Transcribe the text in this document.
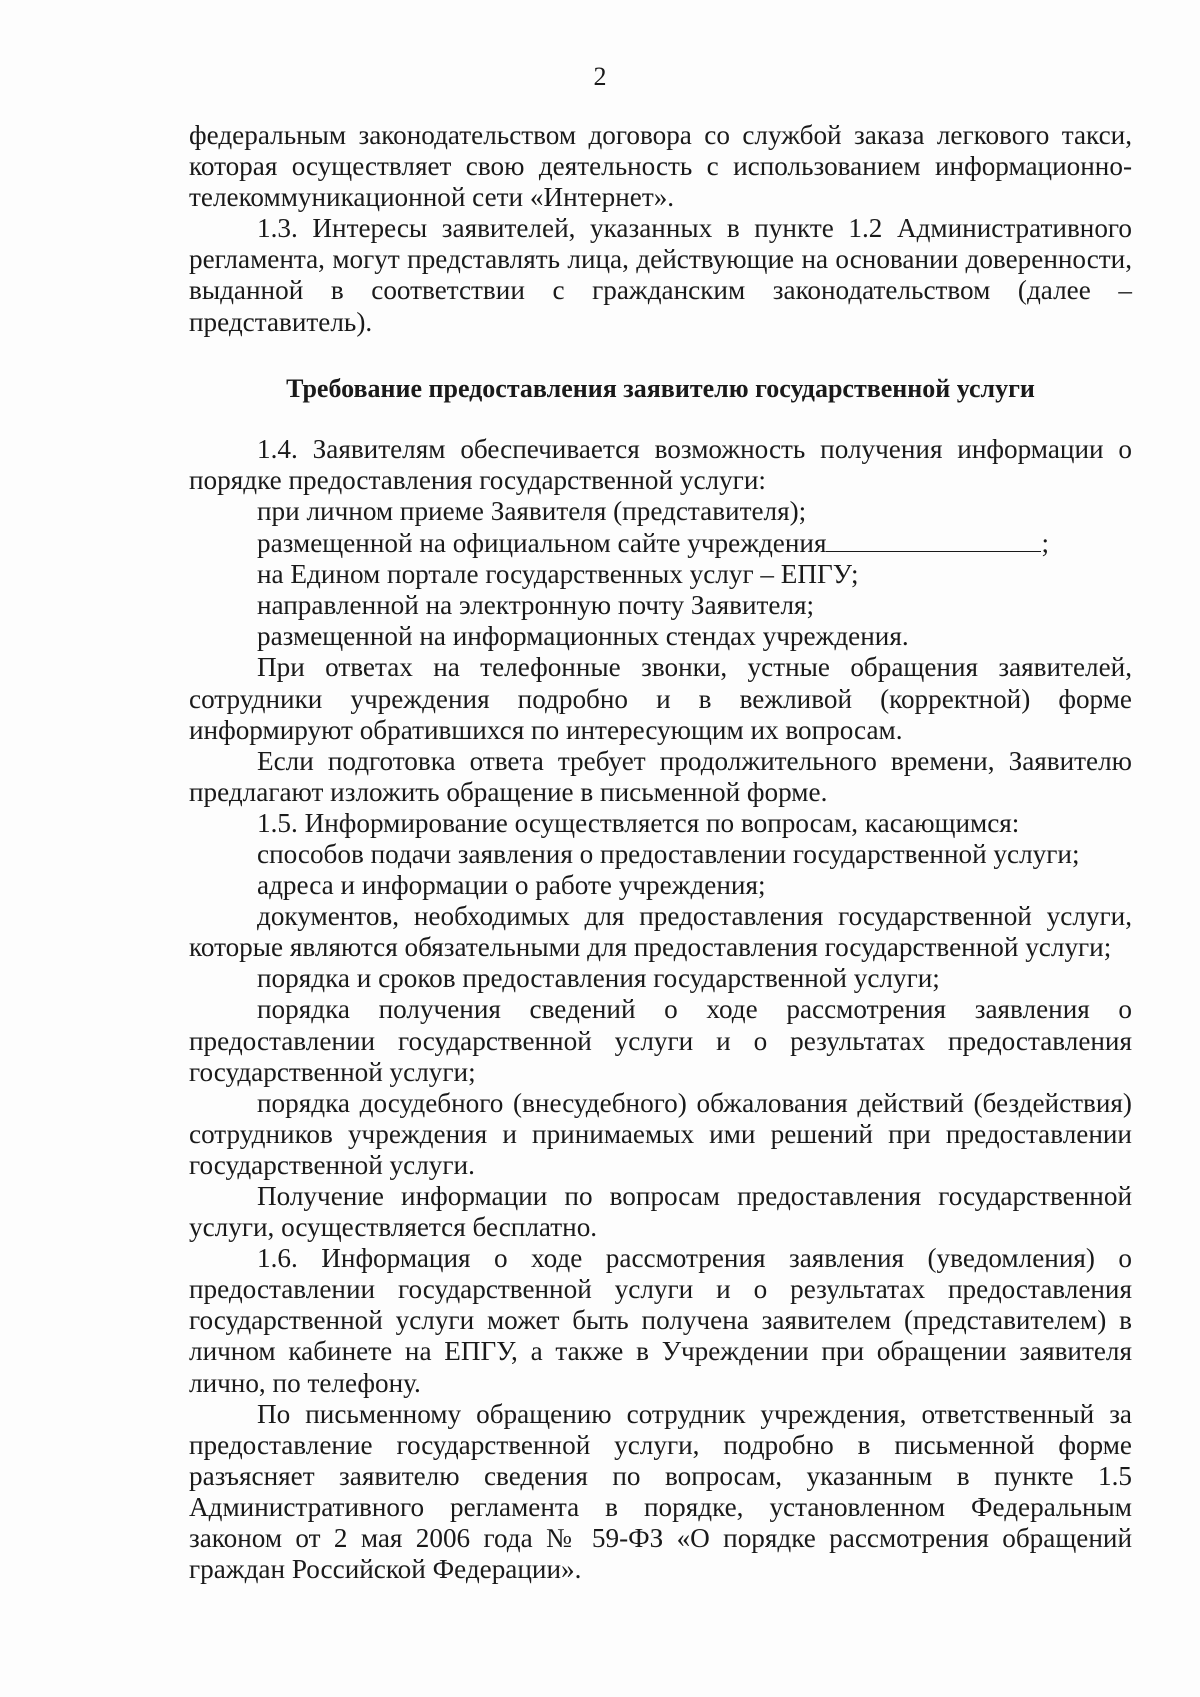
2

федеральным законодательством договора со службой заказа легкового такси, которая осуществляет свою деятельность с использованием информационно-телекоммуникационной сети «Интернет».

1.3. Интересы заявителей, указанных в пункте 1.2 Административного регламента, могут представлять лица, действующие на основании доверенности, выданной в соответствии с гражданским законодательством (далее – представитель).

Требование предоставления заявителю государственной услуги

1.4. Заявителям обеспечивается возможность получения информации о порядке предоставления государственной услуги:

при личном приеме Заявителя (представителя);

размещенной на официальном сайте учреждения	;

на Едином портале государственных услуг – ЕПГУ;

направленной на электронную почту Заявителя;

размещенной на информационных стендах учреждения.

При ответах на телефонные звонки, устные обращения заявителей, сотрудники учреждения подробно и в вежливой (корректной) форме информируют обратившихся по интересующим их вопросам.

Если подготовка ответа требует продолжительного времени, Заявителю предлагают изложить обращение в письменной форме.

1.5. Информирование осуществляется по вопросам, касающимся:

способов подачи заявления о предоставлении государственной услуги;

адреса и информации о работе учреждения;

документов, необходимых для предоставления государственной услуги, которые являются обязательными для предоставления государственной услуги;

порядка и сроков предоставления государственной услуги;

порядка получения сведений о ходе рассмотрения заявления о предоставлении государственной услуги и о результатах предоставления государственной услуги;

порядка досудебного (внесудебного) обжалования действий (бездействия) сотрудников учреждения и принимаемых ими решений при предоставлении государственной услуги.

Получение информации по вопросам предоставления государственной услуги, осуществляется бесплатно.

1.6. Информация о ходе рассмотрения заявления (уведомления) о предоставлении государственной услуги и о результатах предоставления государственной услуги может быть получена заявителем (представителем) в личном кабинете на ЕПГУ, а также в Учреждении при обращении заявителя лично, по телефону.

По письменному обращению сотрудник учреждения, ответственный за предоставление государственной услуги, подробно в письменной форме разъясняет заявителю сведения по вопросам, указанным в пункте 1.5 Административного регламента в порядке, установленном Федеральным законом от 2 мая 2006 года № 59-ФЗ «О порядке рассмотрения обращений граждан Российской Федерации».
